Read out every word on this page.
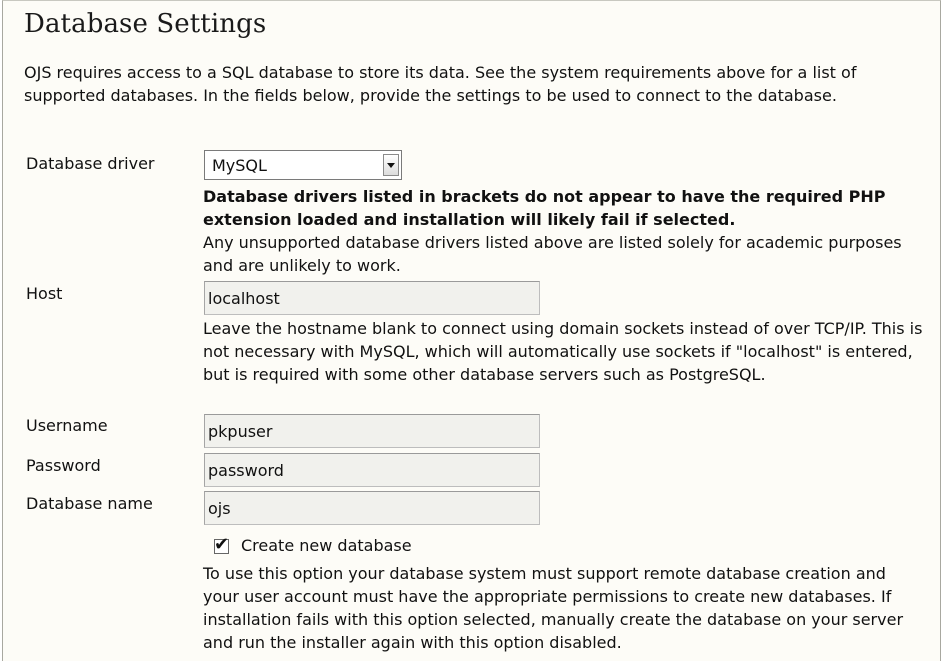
Database Settings

OJS requires access to a SQL database to store its data. See the system requirements above for a list of supported databases. In the fields below, provide the settings to be used to connect to the database.

Database driver	MySQL

Database drivers listed in brackets do not appear to have the required PHP extension loaded and installation will likely fail if selected.

Any unsupported database drivers listed above are listed solely for academic purposes and are unlikely to work.

Host
localhost

Leave the hostname blank to connect using domain sockets instead of over TCP/IP. This is not necessary with MySQL, which will automatically use sockets if "localhost" is entered, but is required with some other database servers such as PostgreSQL.

Username
pkpuser
Password
password
Database name
ojs
✔ Create new database

To use this option your database system must support remote database creation and your user account must have the appropriate permissions to create new databases. If installation fails with this option selected, manually create the database on your server and run the installer again with this option disabled.
